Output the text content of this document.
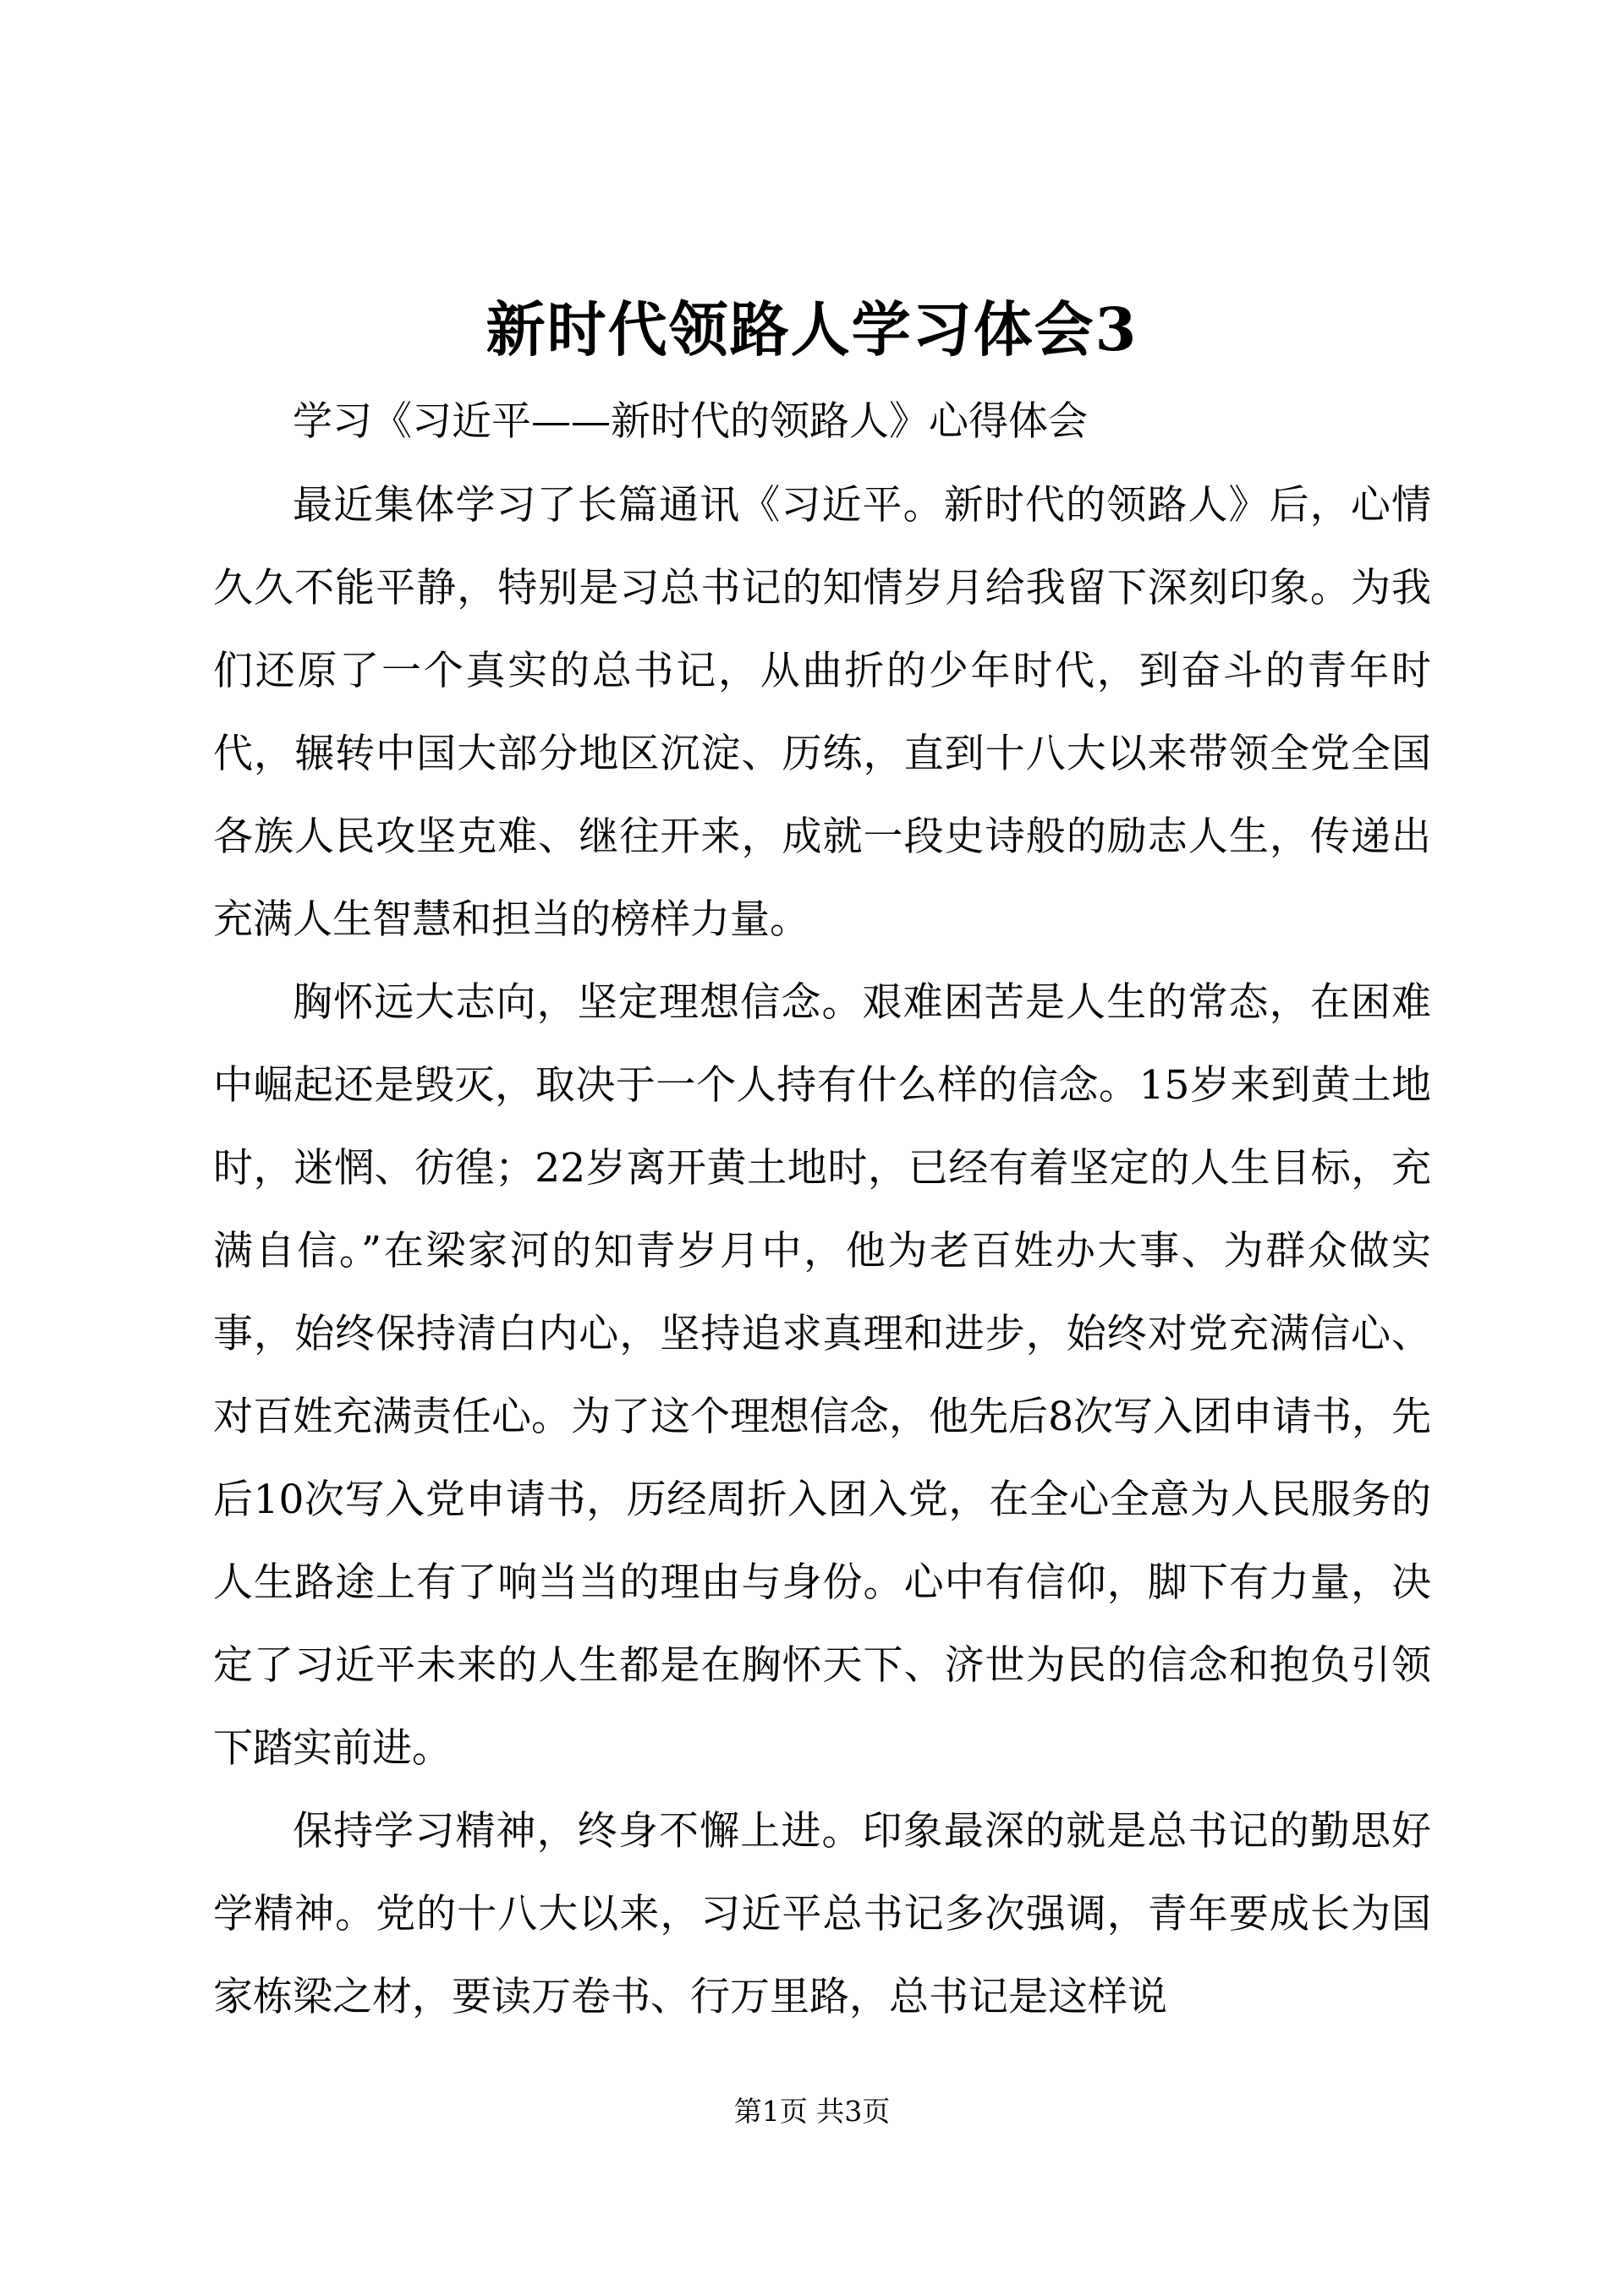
新时代领路人学习体会3

学习《习近平——新时代的领路人》心得体会

最近集体学习了长篇通讯《习近平。新时代的领路人》后，心情久久不能平静，特别是习总书记的知情岁月给我留下深刻印象。为我们还原了一个真实的总书记，从曲折的少年时代，到奋斗的青年时代，辗转中国大部分地区沉淀、历练，直到十八大以来带领全党全国各族人民攻坚克难、继往开来，成就一段史诗般的励志人生，传递出充满人生智慧和担当的榜样力量。

胸怀远大志向，坚定理想信念。艰难困苦是人生的常态，在困难中崛起还是毁灭，取决于一个人持有什么样的信念。15岁来到黄土地时，迷惘、彷徨；22岁离开黄土地时，已经有着坚定的人生目标，充满自信。”在梁家河的知青岁月中，他为老百姓办大事、为群众做实事，始终保持清白内心，坚持追求真理和进步，始终对党充满信心、对百姓充满责任心。为了这个理想信念，他先后8次写入团申请书，先后10次写入党申请书，历经周折入团入党，在全心全意为人民服务的人生路途上有了响当当的理由与身份。心中有信仰，脚下有力量，决定了习近平未来的人生都是在胸怀天下、济世为民的信念和抱负引领下踏实前进。

保持学习精神，终身不懈上进。印象最深的就是总书记的勤思好学精神。党的十八大以来，习近平总书记多次强调，青年要成长为国家栋梁之材，要读万卷书、行万里路，总书记是这样说

第1页 共3页
